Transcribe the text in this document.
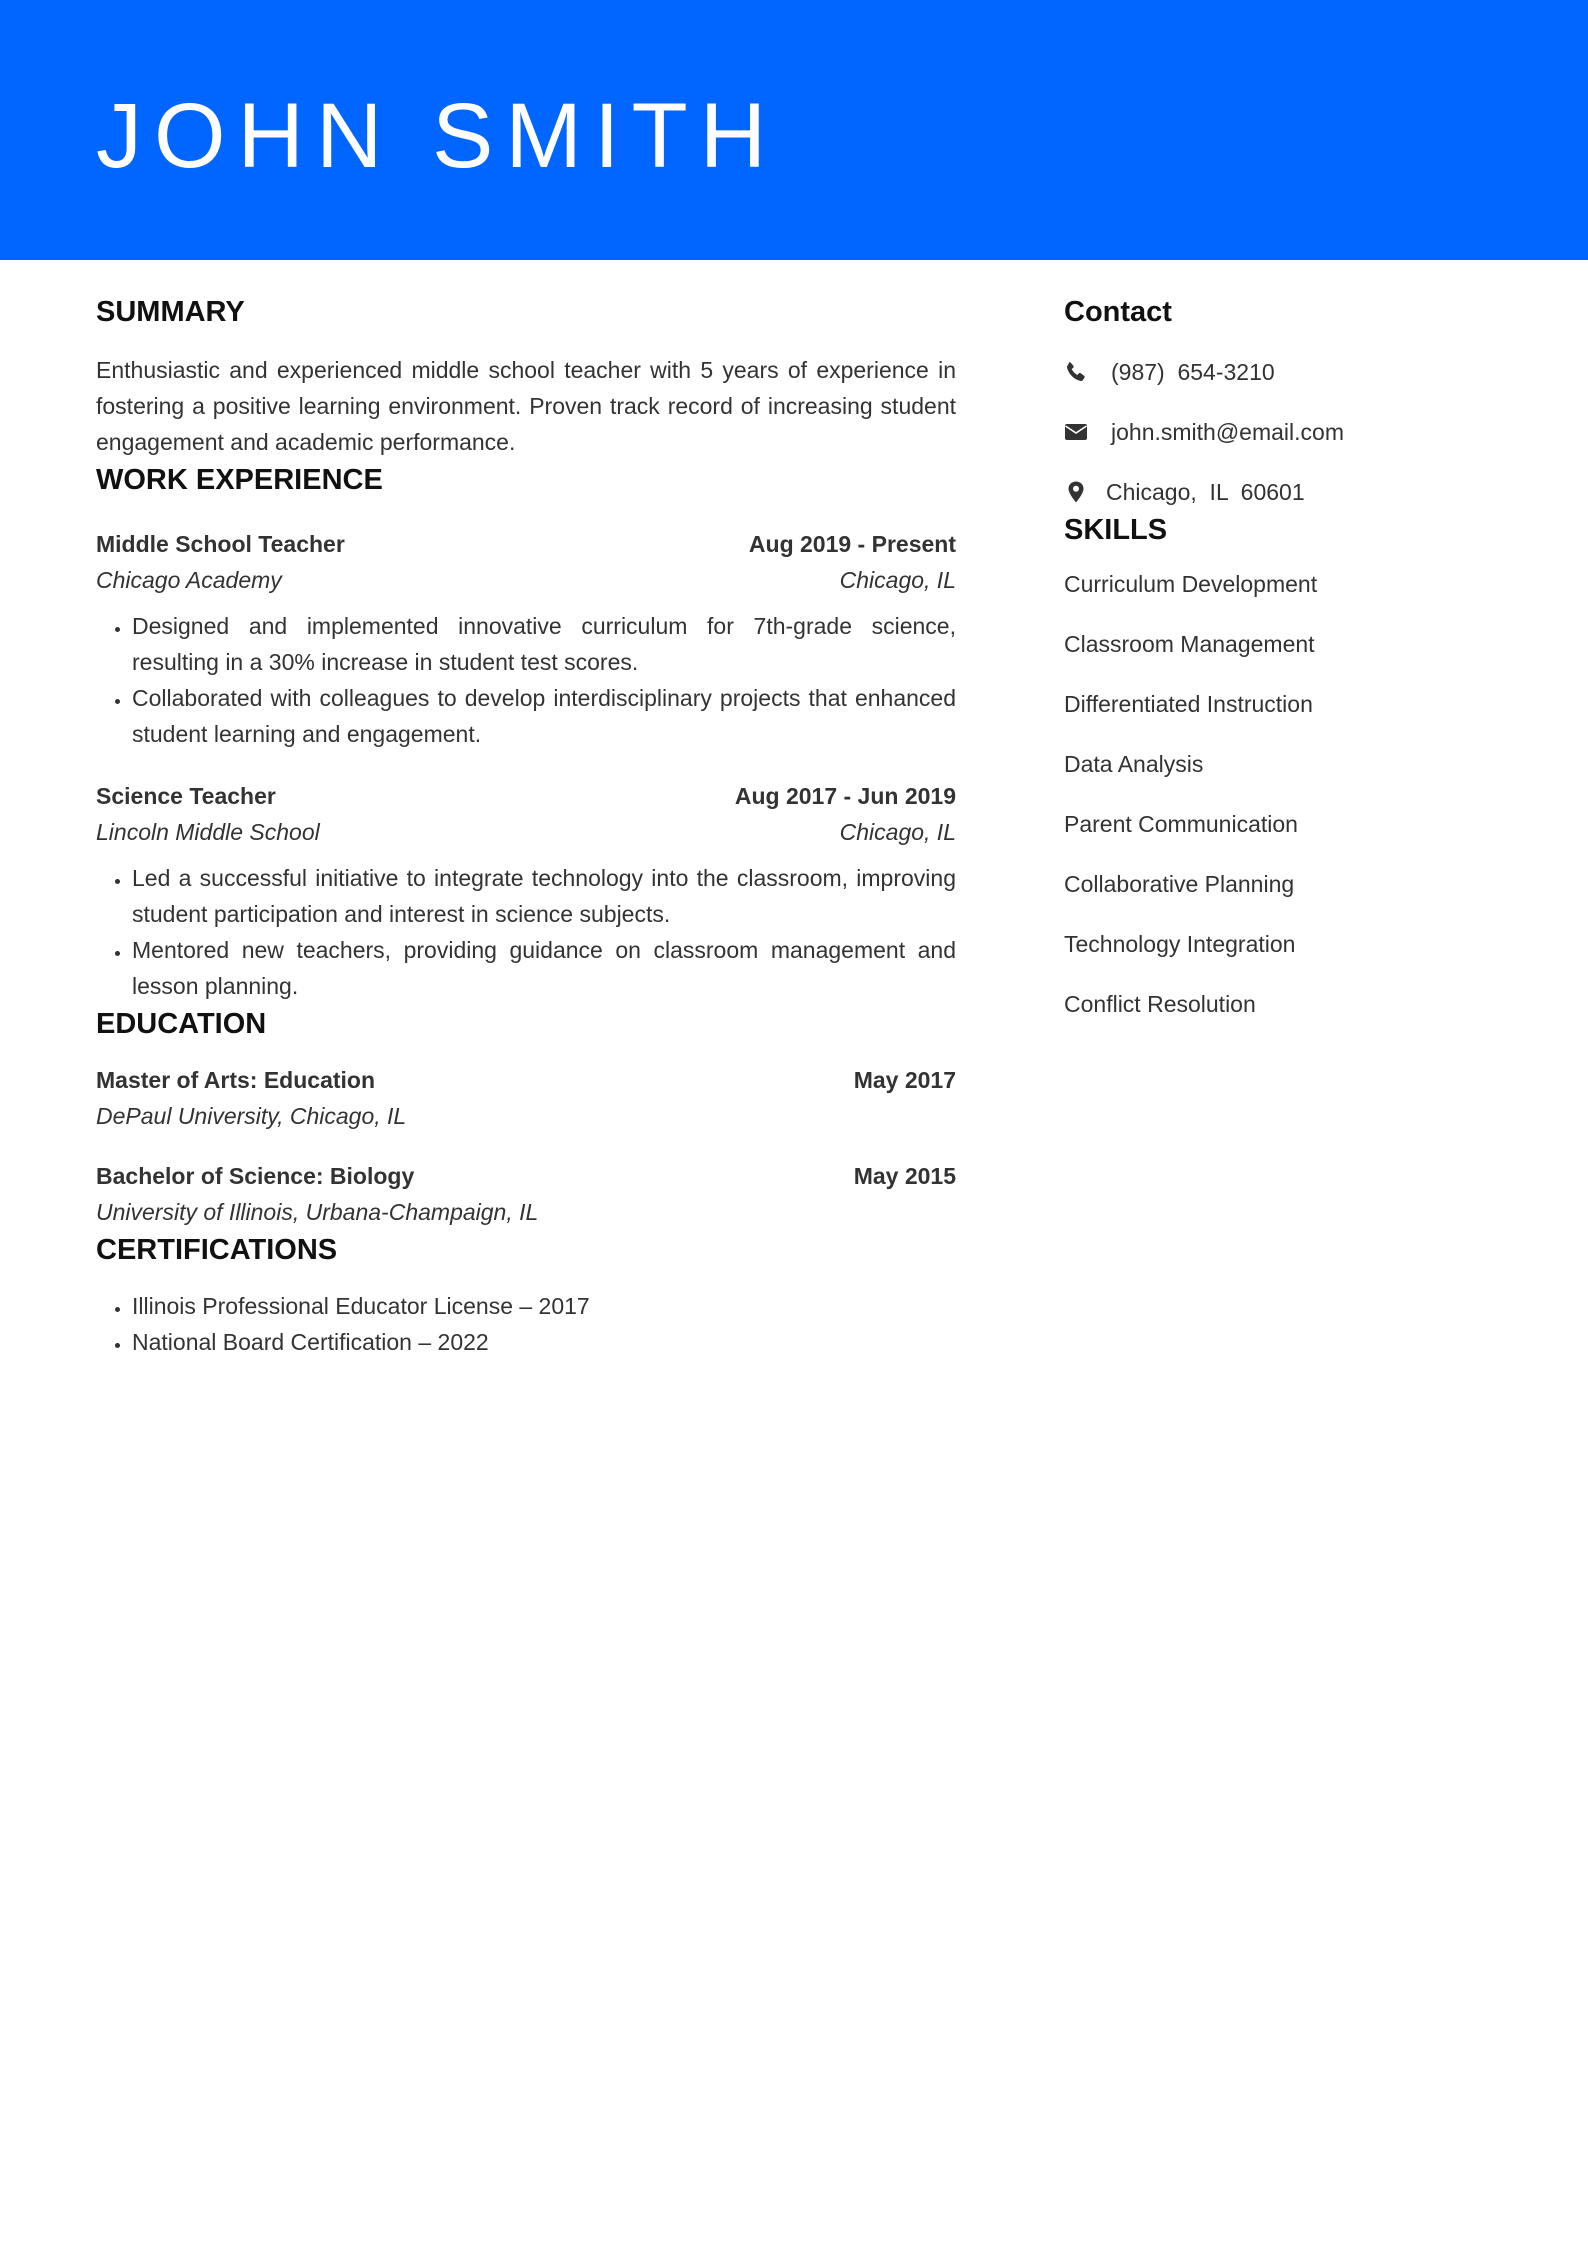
JOHN SMITH
SUMMARY

Enthusiastic and experienced middle school teacher with 5 years of experience in fostering a positive learning environment. Proven track record of increasing student engagement and academic performance.

WORK EXPERIENCE
Middle School Teacher	Aug 2019 - Present
Chicago Academy	Chicago, IL
• Designed and implemented innovative curriculum for 7th-grade science, resulting in a 30% increase in student test scores.
• Collaborated with colleagues to develop interdisciplinary projects that enhanced student learning and engagement.
Science Teacher	Aug 2017 - Jun 2019
Lincoln Middle School	Chicago, IL
• Led a successful initiative to integrate technology into the classroom, improving student participation and interest in science subjects.
• Mentored new teachers, providing guidance on classroom management and lesson planning.
EDUCATION
Master of Arts: Education	May 2017
DePaul University, Chicago, IL
Bachelor of Science: Biology	May 2015
University of Illinois, Urbana-Champaign, IL
CERTIFICATIONS
• Illinois Professional Educator License – 2017
• National Board Certification – 2022
Contact
(987)  654-3210
john.smith@email.com
Chicago,  IL  60601
SKILLS
Curriculum Development
Classroom Management
Differentiated Instruction
Data Analysis
Parent Communication
Collaborative Planning
Technology Integration
Conflict Resolution
